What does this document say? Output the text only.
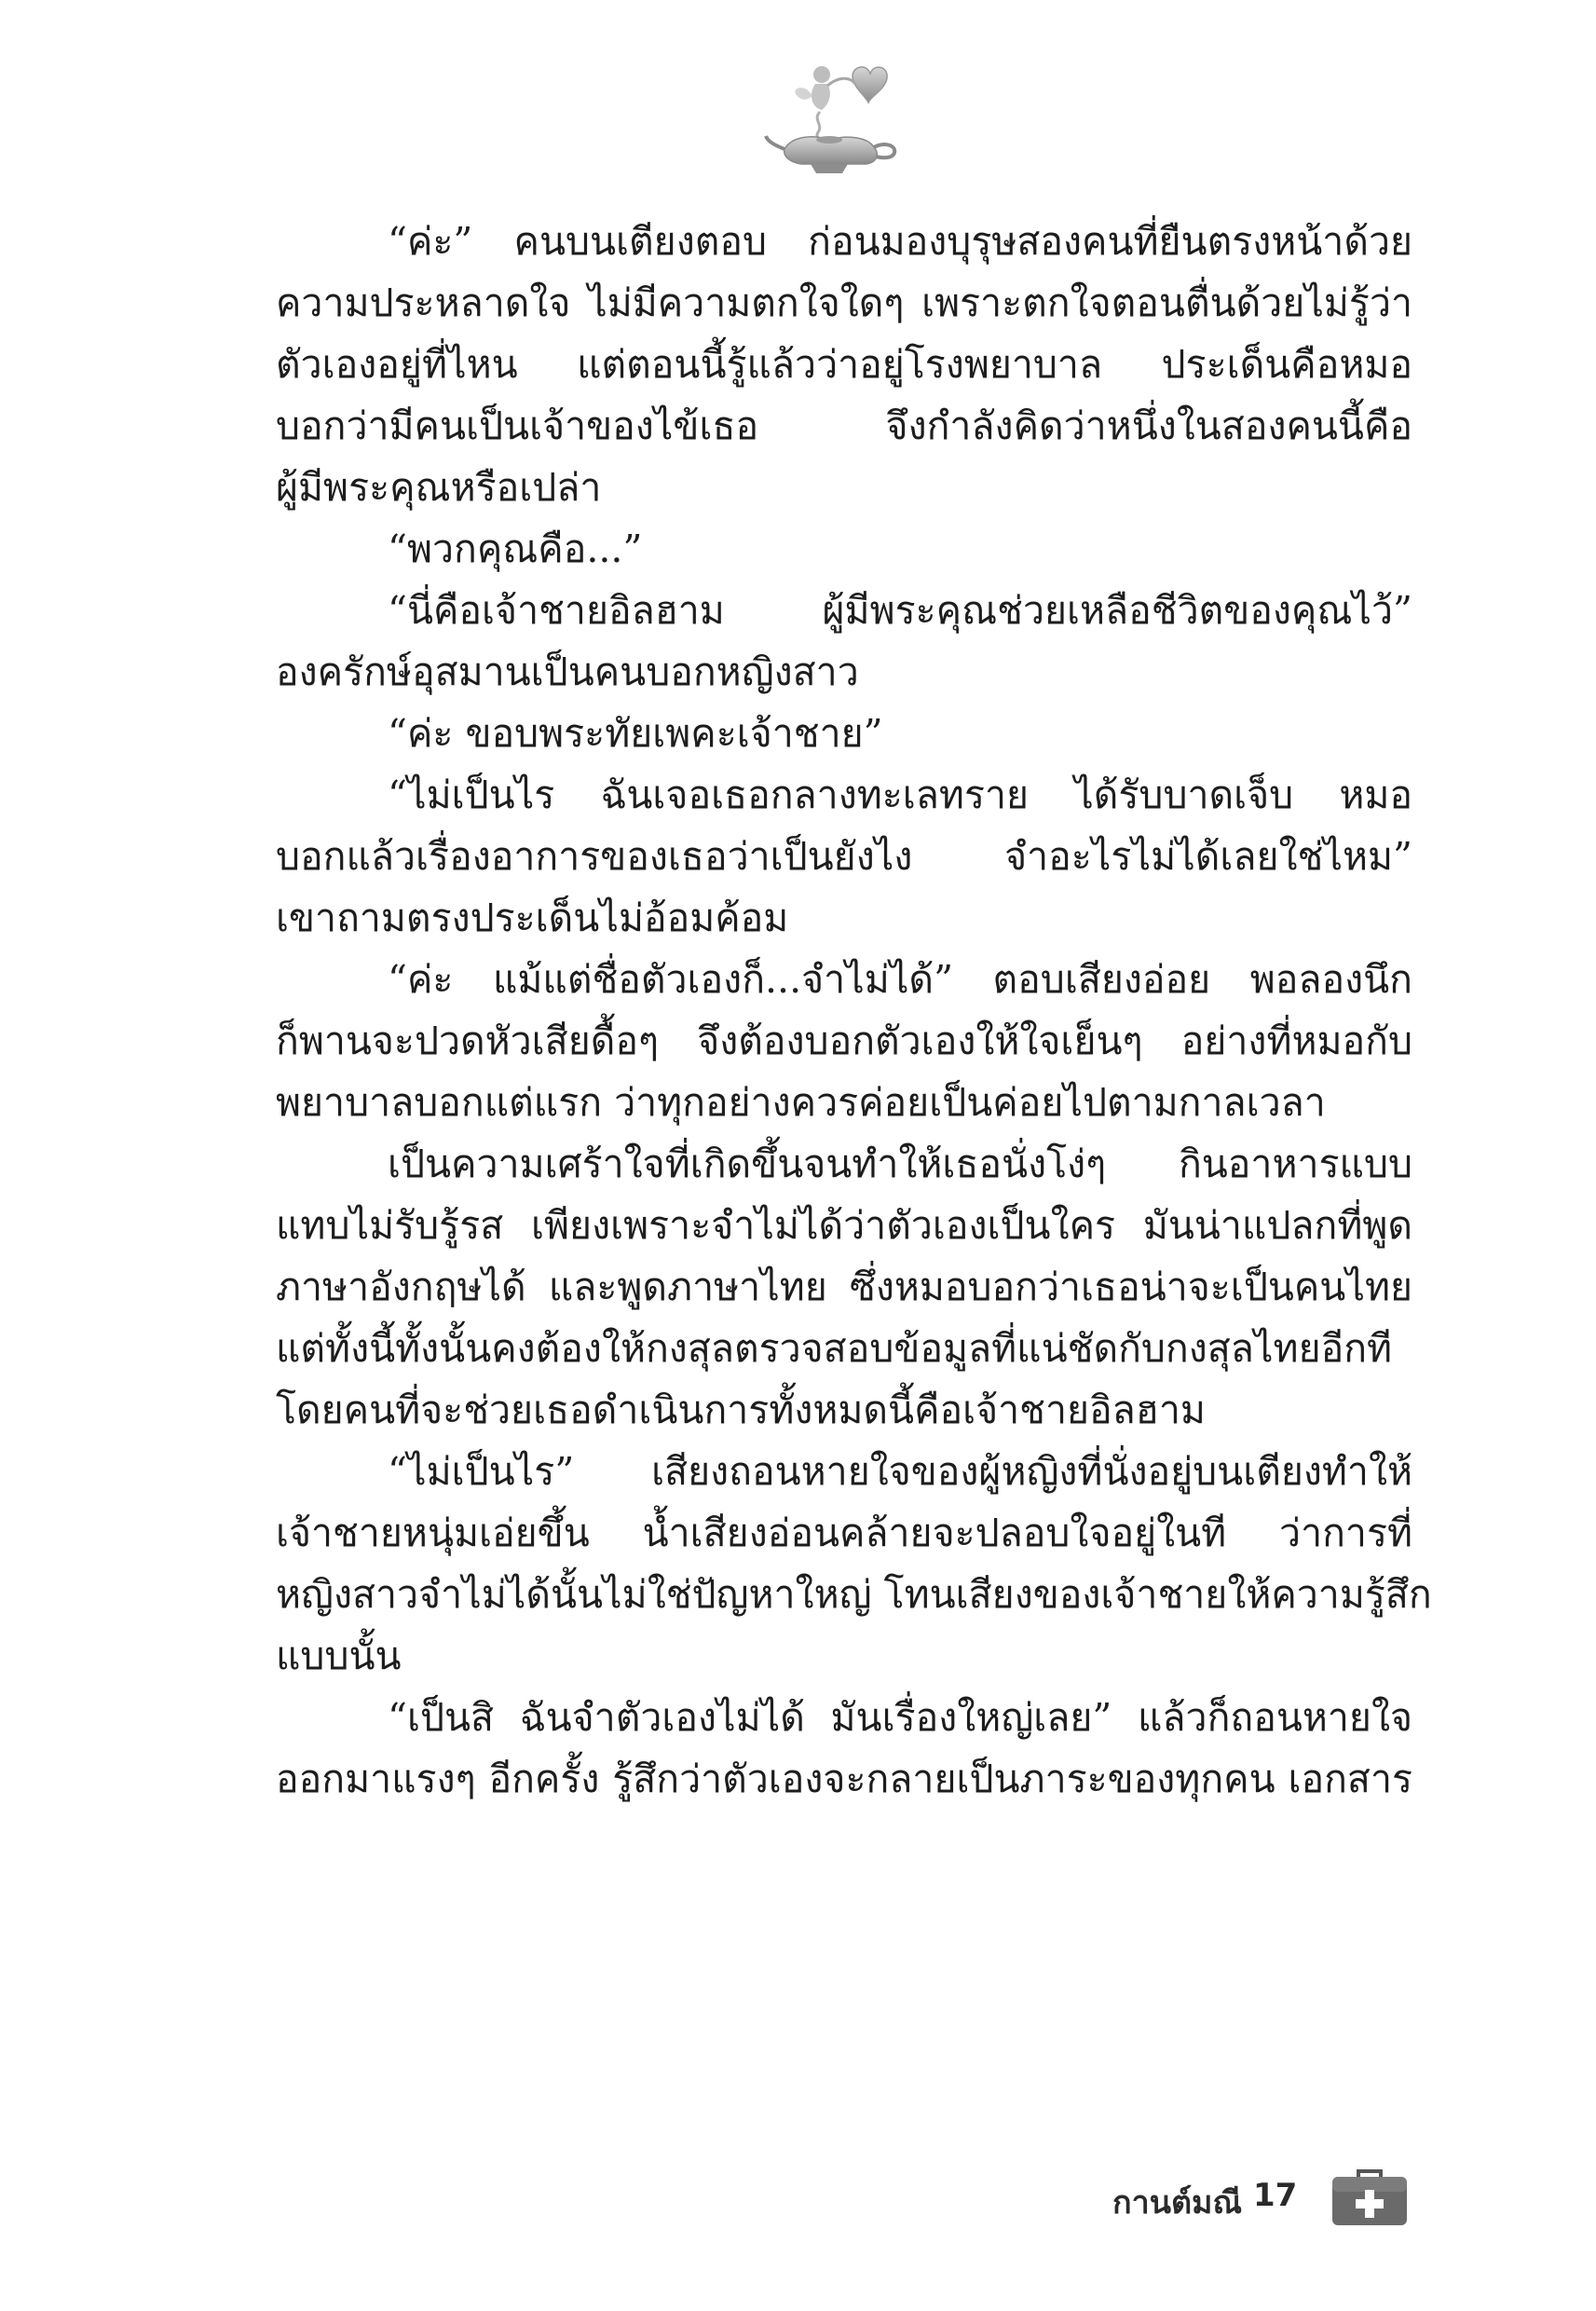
“ค่ะ” คนบนเตียงตอบ ก่อนมองบุรุษสองคนที่ยืนตรงหน้าด้วย
ความประหลาดใจ ไม่มีความตกใจใดๆ เพราะตกใจตอนตื่นด้วยไม่รู้ว่า
ตัวเองอยู่ที่ไหน แต่ตอนนี้รู้แล้วว่าอยู่โรงพยาบาล ประเด็นคือหมอ
บอกว่ามีคนเป็นเจ้าของไข้เธอ จึงกำลังคิดว่าหนึ่งในสองคนนี้คือ
ผู้มีพระคุณหรือเปล่า
“พวกคุณคือ...”
“นี่คือเจ้าชายอิลฮาม ผู้มีพระคุณช่วยเหลือชีวิตของคุณไว้”
องครักษ์อุสมานเป็นคนบอกหญิงสาว
“ค่ะ ขอบพระทัยเพคะเจ้าชาย”
“ไม่เป็นไร ฉันเจอเธอกลางทะเลทราย ได้รับบาดเจ็บ หมอ
บอกแล้วเรื่องอาการของเธอว่าเป็นยังไง จำอะไรไม่ได้เลยใช่ไหม”
เขาถามตรงประเด็นไม่อ้อมค้อม
“ค่ะ แม้แต่ชื่อตัวเองก็...จำไม่ได้” ตอบเสียงอ่อย พอลองนึก
ก็พานจะปวดหัวเสียดื้อๆ จึงต้องบอกตัวเองให้ใจเย็นๆ อย่างที่หมอกับ
พยาบาลบอกแต่แรก ว่าทุกอย่างควรค่อยเป็นค่อยไปตามกาลเวลา
เป็นความเศร้าใจที่เกิดขึ้นจนทำให้เธอนั่งโง่ๆ กินอาหารแบบ
แทบไม่รับรู้รส เพียงเพราะจำไม่ได้ว่าตัวเองเป็นใคร มันน่าแปลกที่พูด
ภาษาอังกฤษได้ และพูดภาษาไทย ซึ่งหมอบอกว่าเธอน่าจะเป็นคนไทย
แต่ทั้งนี้ทั้งนั้นคงต้องให้กงสุลตรวจสอบข้อมูลที่แน่ชัดกับกงสุลไทยอีกที
โดยคนที่จะช่วยเธอดำเนินการทั้งหมดนี้คือเจ้าชายอิลฮาม
“ไม่เป็นไร” เสียงถอนหายใจของผู้หญิงที่นั่งอยู่บนเตียงทำให้
เจ้าชายหนุ่มเอ่ยขึ้น น้ำเสียงอ่อนคล้ายจะปลอบใจอยู่ในที ว่าการที่
หญิงสาวจำไม่ได้นั้นไม่ใช่ปัญหาใหญ่ โทนเสียงของเจ้าชายให้ความรู้สึก
แบบนั้น
“เป็นสิ ฉันจำตัวเองไม่ได้ มันเรื่องใหญ่เลย” แล้วก็ถอนหายใจ
ออกมาแรงๆ อีกครั้ง รู้สึกว่าตัวเองจะกลายเป็นภาระของทุกคน เอกสาร
กานต์มณี 17
